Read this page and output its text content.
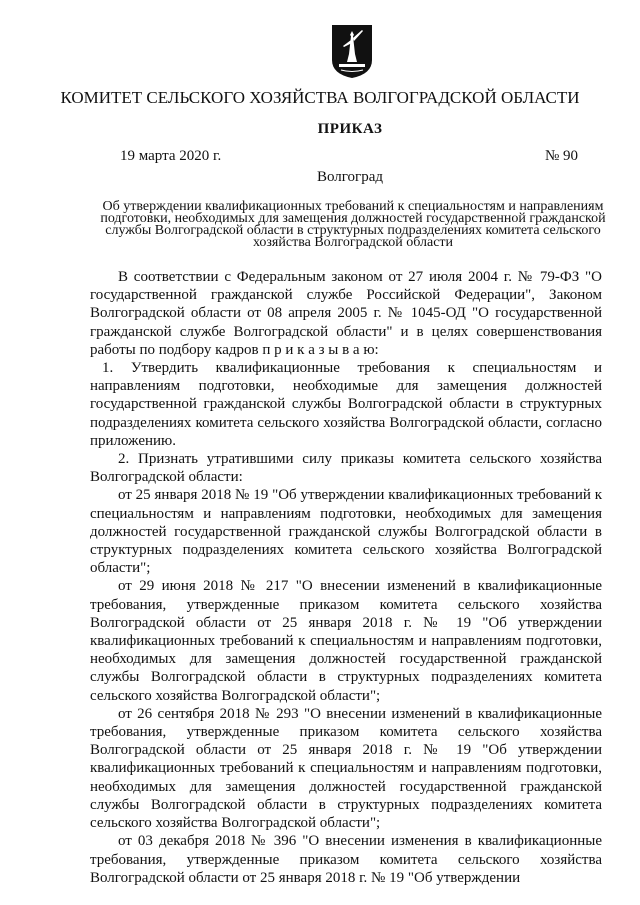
КОМИТЕТ СЕЛЬСКОГО ХОЗЯЙСТВА ВОЛГОГРАДСКОЙ ОБЛАСТИ
ПРИКАЗ
19 марта 2020 г.	№ 90
Волгоград
Об утверждении квалификационных требований к специальностям и направлениям подготовки, необходимых для замещения должностей государственной гражданской службы Волгоградской области в структурных подразделениях комитета сельского хозяйства Волгоградской области

В соответствии с Федеральным законом от 27 июля 2004 г. № 79-ФЗ "О государственной гражданской службе Российской Федерации", Законом Волгоградской области от 08 апреля 2005 г. № 1045-ОД "О государственной гражданской службе Волгоградской области" и в целях совершенствования работы по подбору кадров п р и к а з ы в а ю:

1. Утвердить квалификационные требования к специальностям и направлениям подготовки, необходимые для замещения должностей государственной гражданской службы Волгоградской области в структурных подразделениях комитета сельского хозяйства Волгоградской области, согласно приложению.

2. Признать утратившими силу приказы комитета сельского хозяйства Волгоградской области:

от 25 января 2018 № 19 "Об утверждении квалификационных требований к специальностям и направлениям подготовки, необходимых для замещения должностей государственной гражданской службы Волгоградской области в структурных подразделениях комитета сельского хозяйства Волгоградской области";

от 29 июня 2018 № 217 "О внесении изменений в квалификационные требования, утвержденные приказом комитета сельского хозяйства Волгоградской области от 25 января 2018 г. № 19 "Об утверждении квалификационных требований к специальностям и направлениям подготовки, необходимых для замещения должностей государственной гражданской службы Волгоградской области в структурных подразделениях комитета сельского хозяйства Волгоградской области";

от 26 сентября 2018 № 293 "О внесении изменений в квалификационные требования, утвержденные приказом комитета сельского хозяйства Волгоградской области от 25 января 2018 г. № 19 "Об утверждении квалификационных требований к специальностям и направлениям подготовки, необходимых для замещения должностей государственной гражданской службы Волгоградской области в структурных подразделениях комитета сельского хозяйства Волгоградской области";

от 03 декабря 2018 № 396 "О внесении изменения в квалификационные требования, утвержденные приказом комитета сельского хозяйства Волгоградской области от 25 января 2018 г. № 19 "Об утверждении
